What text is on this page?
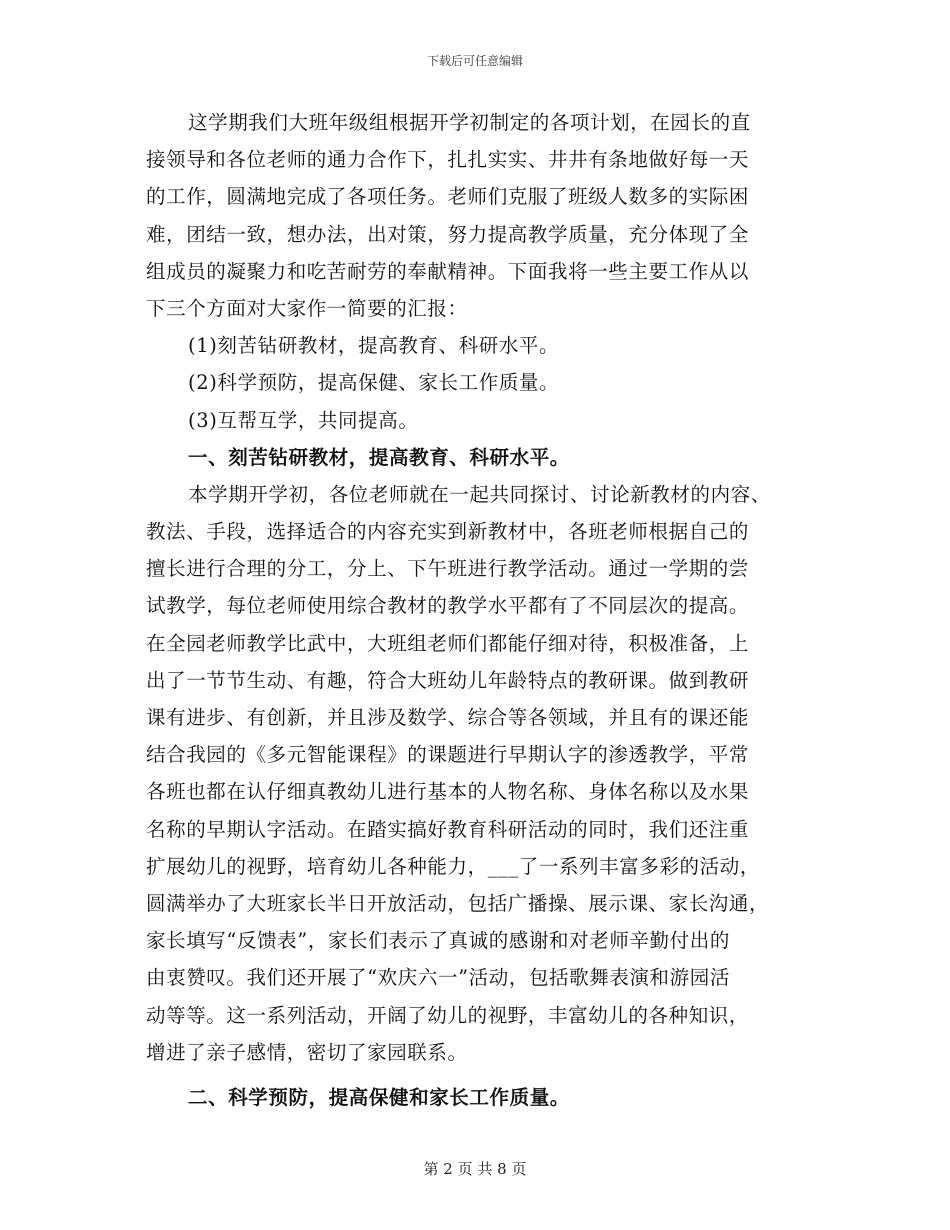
下载后可任意编辑

这学期我们大班年级组根据开学初制定的各项计划，在园长的直

接领导和各位老师的通力合作下，扎扎实实、井井有条地做好每一天

的工作，圆满地完成了各项任务。老师们克服了班级人数多的实际困

难，团结一致，想办法，出对策，努力提高教学质量，充分体现了全

组成员的凝聚力和吃苦耐劳的奉献精神。下面我将一些主要工作从以

下三个方面对大家作一简要的汇报：

(1)刻苦钻研教材，提高教育、科研水平。

(2)科学预防，提高保健、家长工作质量。

(3)互帮互学，共同提高。

一、刻苦钻研教材，提高教育、科研水平。

本学期开学初，各位老师就在一起共同探讨、讨论新教材的内容、

教法、手段，选择适合的内容充实到新教材中，各班老师根据自己的

擅长进行合理的分工，分上、下午班进行教学活动。通过一学期的尝

试教学，每位老师使用综合教材的教学水平都有了不同层次的提高。

在全园老师教学比武中，大班组老师们都能仔细对待，积极准备，上

出了一节节生动、有趣，符合大班幼儿年龄特点的教研课。做到教研

课有进步、有创新，并且涉及数学、综合等各领域，并且有的课还能

结合我园的《多元智能课程》的课题进行早期认字的渗透教学，平常

各班也都在认仔细真教幼儿进行基本的人物名称、身体名称以及水果

名称的早期认字活动。在踏实搞好教育科研活动的同时，我们还注重

扩展幼儿的视野，培育幼儿各种能力，___了一系列丰富多彩的活动，

圆满举办了大班家长半日开放活动，包括广播操、展示课、家长沟通，

家长填写“反馈表”，家长们表示了真诚的感谢和对老师辛勤付出的

由衷赞叹。我们还开展了“欢庆六一”活动，包括歌舞表演和游园活

动等等。这一系列活动，开阔了幼儿的视野，丰富幼儿的各种知识，

增进了亲子感情，密切了家园联系。

二、科学预防，提高保健和家长工作质量。

第 2 页 共 8 页
